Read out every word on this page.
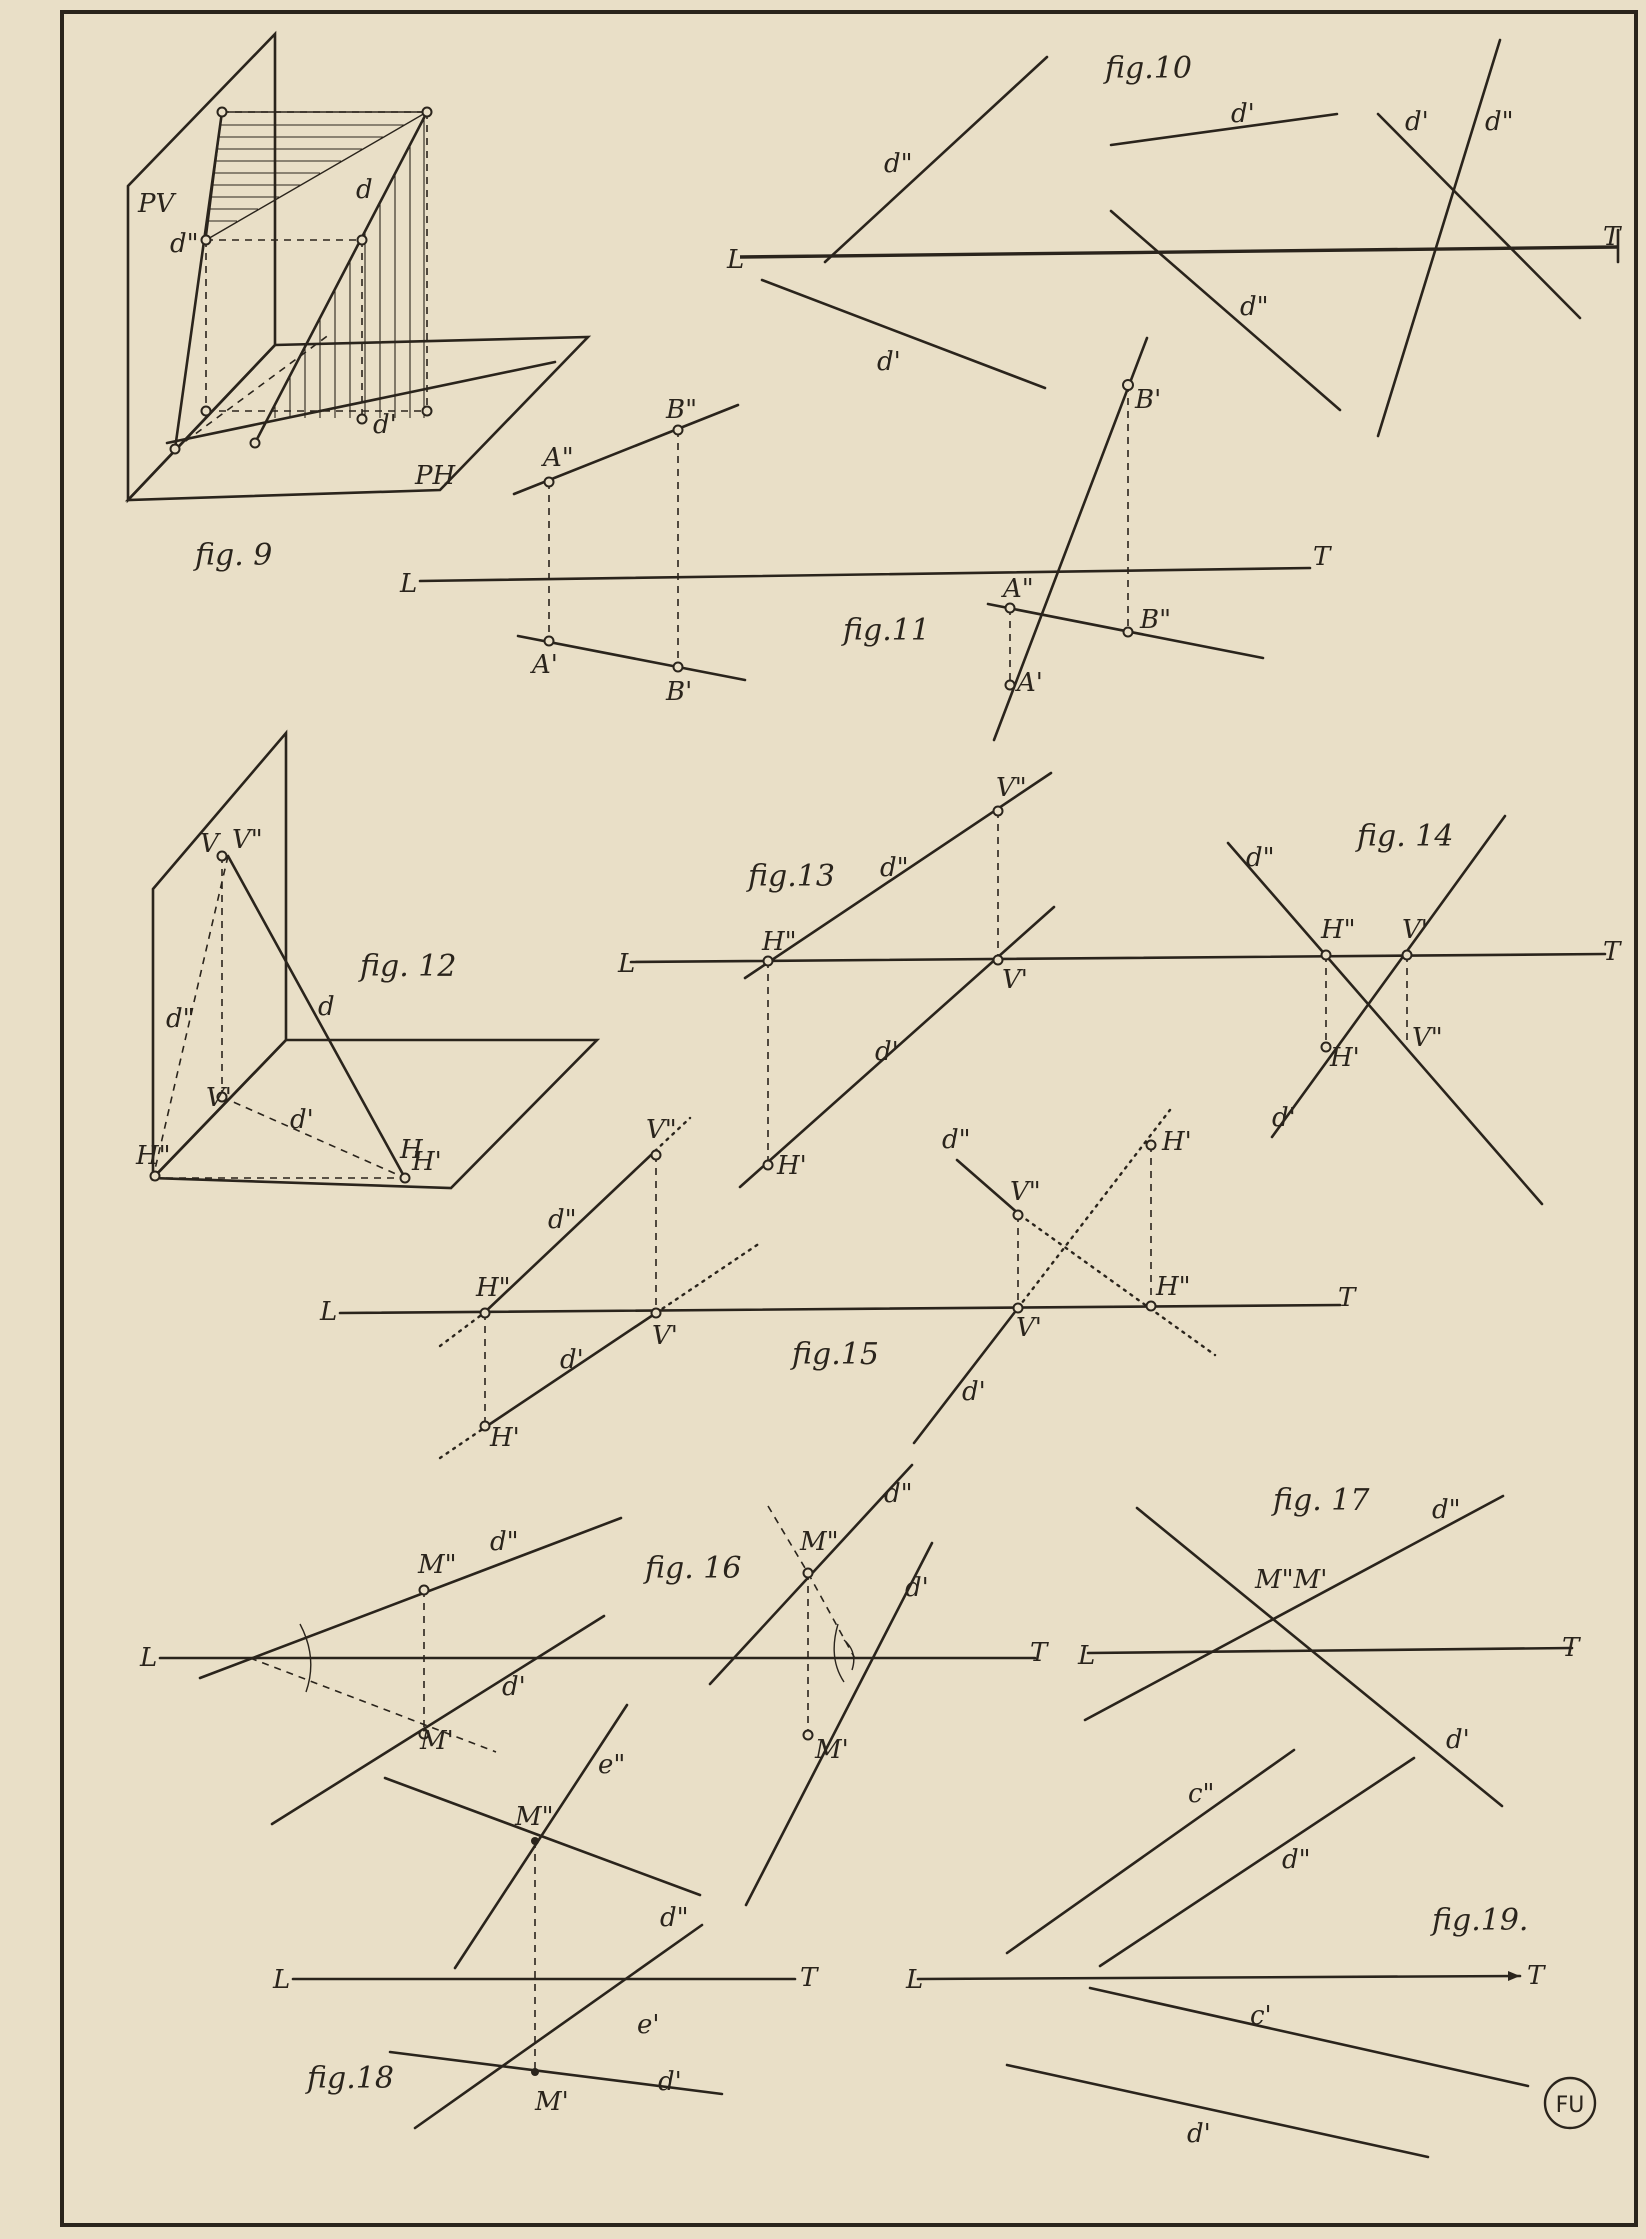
PV
PH
d
d"
d'
fig. 9
L
T
d"
d'
d'
d"
d' d"
fig.10
L
T
A"
B"
A'
B'
A"
B"
A'
B'
fig.11
V V"
d"	d
V'
d'
H"	H
H'
fig. 12	L
d"
V"
H"
V'
d'
H'
fig.13
T
d"
H" V'
H'
V"
d'
fig. 14
L	T
V"
d"
H"
V'
d'
H'
d"
V"
H'
H"
V'
d'
fig.15
L	T
M"
d"
d'
M'
M"
d"
d'
M'
fig. 16
L	T
d"
M"M'
d'
fig. 17
L	T
e"
M"
d"
e'
d'
M'
fig.18
L	T
c"
d"
c'
d'
fig.19.
FU
